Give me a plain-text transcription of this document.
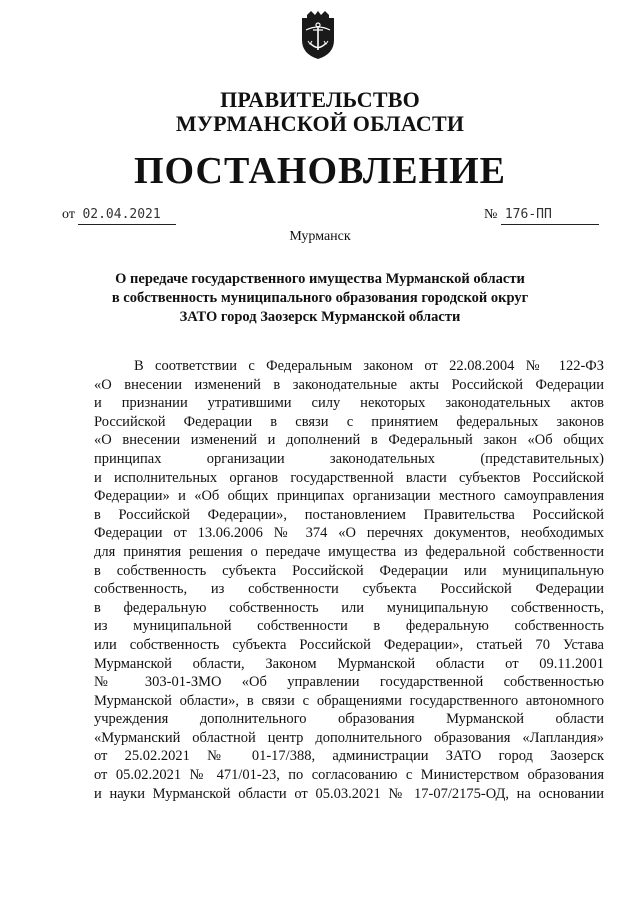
ПРАВИТЕЛЬСТВО
МУРМАНСКОЙ ОБЛАСТИ
ПОСТАНОВЛЕНИЕ
от 02.04.2021	№ 176-ПП
Мурманск
О передаче государственного имущества Мурманской области
в собственность муниципального образования городской округ
ЗАТО город Заозерск Мурманской области
В соответствии с Федеральным законом от 22.08.2004 № 122-ФЗ
«О внесении изменений в законодательные акты Российской Федерации
и признании утратившими силу некоторых законодательных актов
Российской Федерации в связи с принятием федеральных законов
«О внесении изменений и дополнений в Федеральный закон «Об общих
принципах организации законодательных (представительных)
и исполнительных органов государственной власти субъектов Российской
Федерации» и «Об общих принципах организации местного самоуправления
в Российской Федерации», постановлением Правительства Российской
Федерации от 13.06.2006 № 374 «О перечнях документов, необходимых
для принятия решения о передаче имущества из федеральной собственности
в собственность субъекта Российской Федерации или муниципальную
собственность, из собственности субъекта Российской Федерации
в федеральную собственность или муниципальную собственность,
из муниципальной собственности в федеральную собственность
или собственность субъекта Российской Федерации», статьей 70 Устава
Мурманской области, Законом Мурманской области от 09.11.2001
№ 303-01-ЗМО «Об управлении государственной собственностью
Мурманской области», в связи с обращениями государственного автономного
учреждения дополнительного образования Мурманской области
«Мурманский областной центр дополнительного образования «Лапландия»
от 25.02.2021 № 01-17/388, администрации ЗАТО город Заозерск
от 05.02.2021 № 471/01-23, по согласованию с Министерством образования
и науки Мурманской области от 05.03.2021 № 17-07/2175-ОД, на основании
